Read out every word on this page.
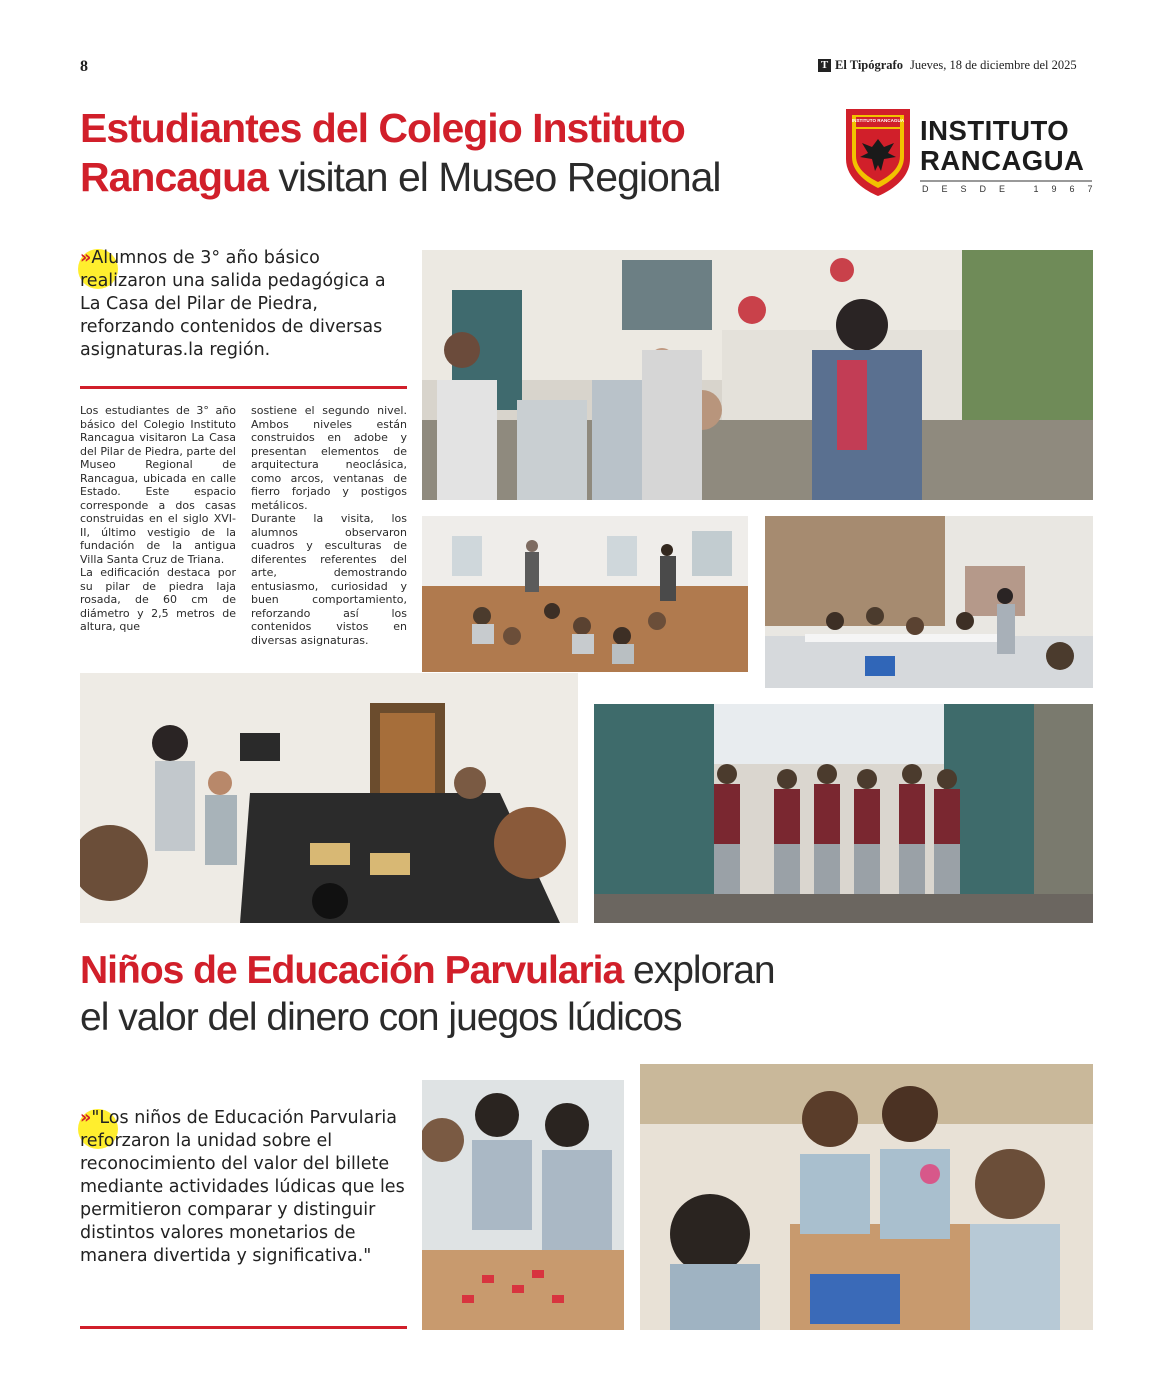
8	T El Tipógrafo Jueves, 18 de diciembre del 2025
Estudiantes del Colegio Instituto Rancagua visitan el Museo Regional
INSTITUTO RANCAGUA INSTITUTO
RANCAGUA
DESDE 1967
»Alumnos de 3° año básico realizaron una salida pedagógica a La Casa del Pilar de Piedra, reforzando contenidos de diversas asignaturas.la región.

Los estudiantes de 3° año básico del Colegio Instituto Rancagua visitaron La Casa del Pilar de Piedra, parte del Museo Regional de Rancagua, ubicada en calle Estado. Este espacio corresponde a dos casas construidas en el siglo XVI-II, último vestigio de la fundación de la antigua Villa Santa Cruz de Triana.

La edificación destaca por su pilar de piedra laja rosada, de 60 cm de diámetro y 2,5 metros de altura, que

sostiene el segundo nivel. Ambos niveles están construidos en adobe y presentan elementos de arquitectura neoclásica, como arcos, ventanas de fierro forjado y postigos metálicos.

Durante la visita, los alumnos observaron cuadros y esculturas de diferentes referentes del arte, demostrando entusiasmo, curiosidad y buen comportamiento, reforzando así los contenidos vistos en diversas asignaturas.

Niños de Educación Parvularia exploran
el valor del dinero con juegos lúdicos
»"Los niños de Educación Parvularia reforzaron la unidad sobre el reconocimiento del valor del billete mediante actividades lúdicas que les permitieron comparar y distinguir distintos valores monetarios de manera divertida y significativa."
